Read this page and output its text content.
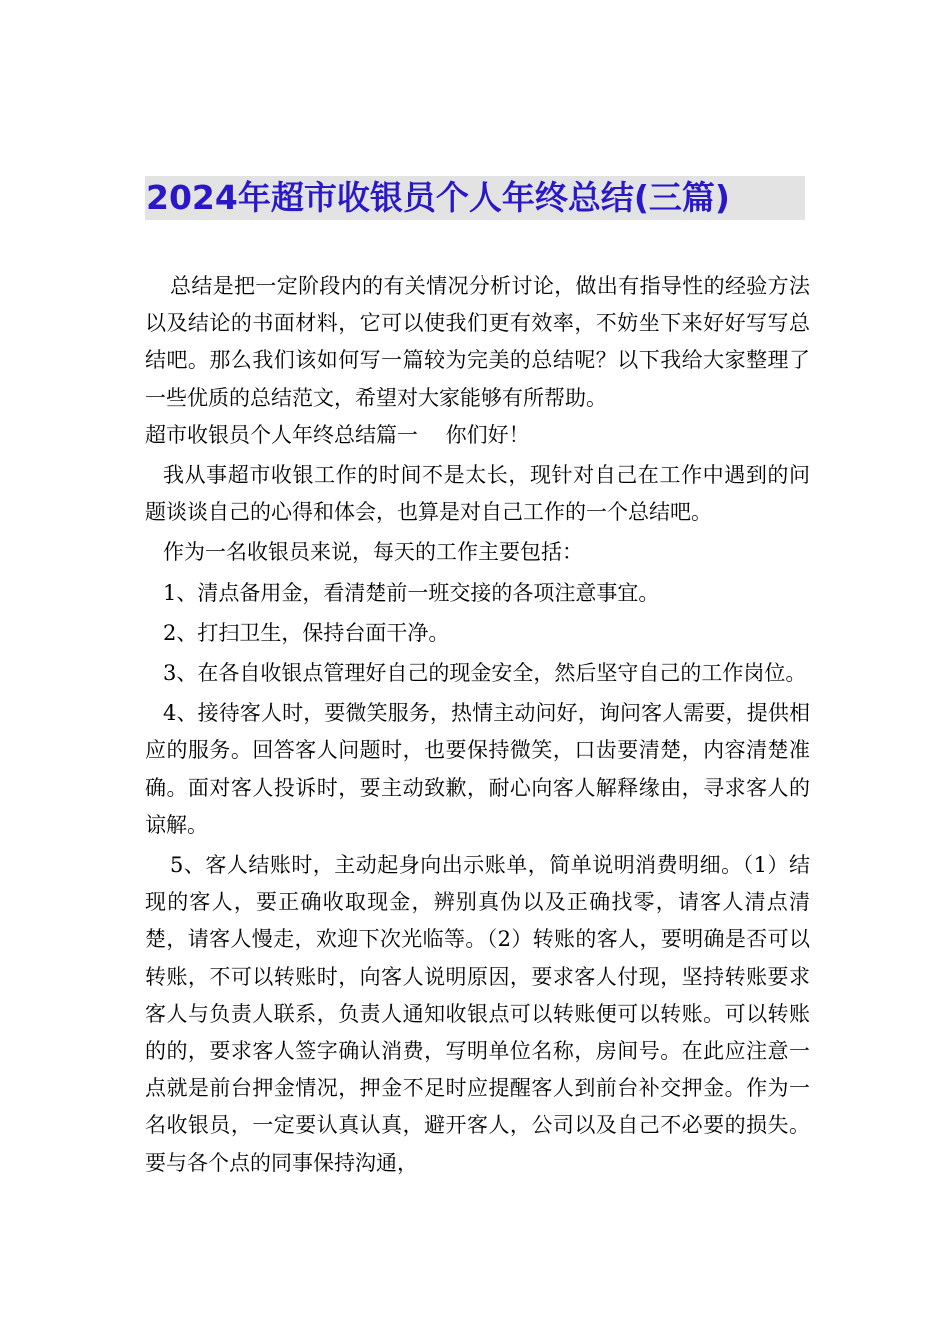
2024年超市收银员个人年终总结(三篇)

总结是把一定阶段内的有关情况分析讨论，做出有指导性的经验方法以及结论的书面材料，它可以使我们更有效率，不妨坐下来好好写写总结吧。那么我们该如何写一篇较为完美的总结呢？以下我给大家整理了一些优质的总结范文，希望对大家能够有所帮助。

超市收银员个人年终总结篇一　 你们好！

我从事超市收银工作的时间不是太长，现针对自己在工作中遇到的问题谈谈自己的心得和体会，也算是对自己工作的一个总结吧。

作为一名收银员来说，每天的工作主要包括：

1、清点备用金，看清楚前一班交接的各项注意事宜。

2、打扫卫生，保持台面干净。

3、在各自收银点管理好自己的现金安全，然后坚守自己的工作岗位。

4、接待客人时，要微笑服务，热情主动问好，询问客人需要，提供相应的服务。回答客人问题时，也要保持微笑，口齿要清楚，内容清楚准确。面对客人投诉时，要主动致歉，耐心向客人解释缘由，寻求客人的谅解。

5、客人结账时，主动起身向出示账单，简单说明消费明细。（1）结现的客人，要正确收取现金，辨别真伪以及正确找零，请客人清点清楚，请客人慢走，欢迎下次光临等。（2）转账的客人，要明确是否可以转账，不可以转账时，向客人说明原因，要求客人付现，坚持转账要求客人与负责人联系，负责人通知收银点可以转账便可以转账。可以转账的的，要求客人签字确认消费，写明单位名称，房间号。在此应注意一点就是前台押金情况，押金不足时应提醒客人到前台补交押金。作为一名收银员，一定要认真认真，避开客人，公司以及自己不必要的损失。要与各个点的同事保持沟通，
